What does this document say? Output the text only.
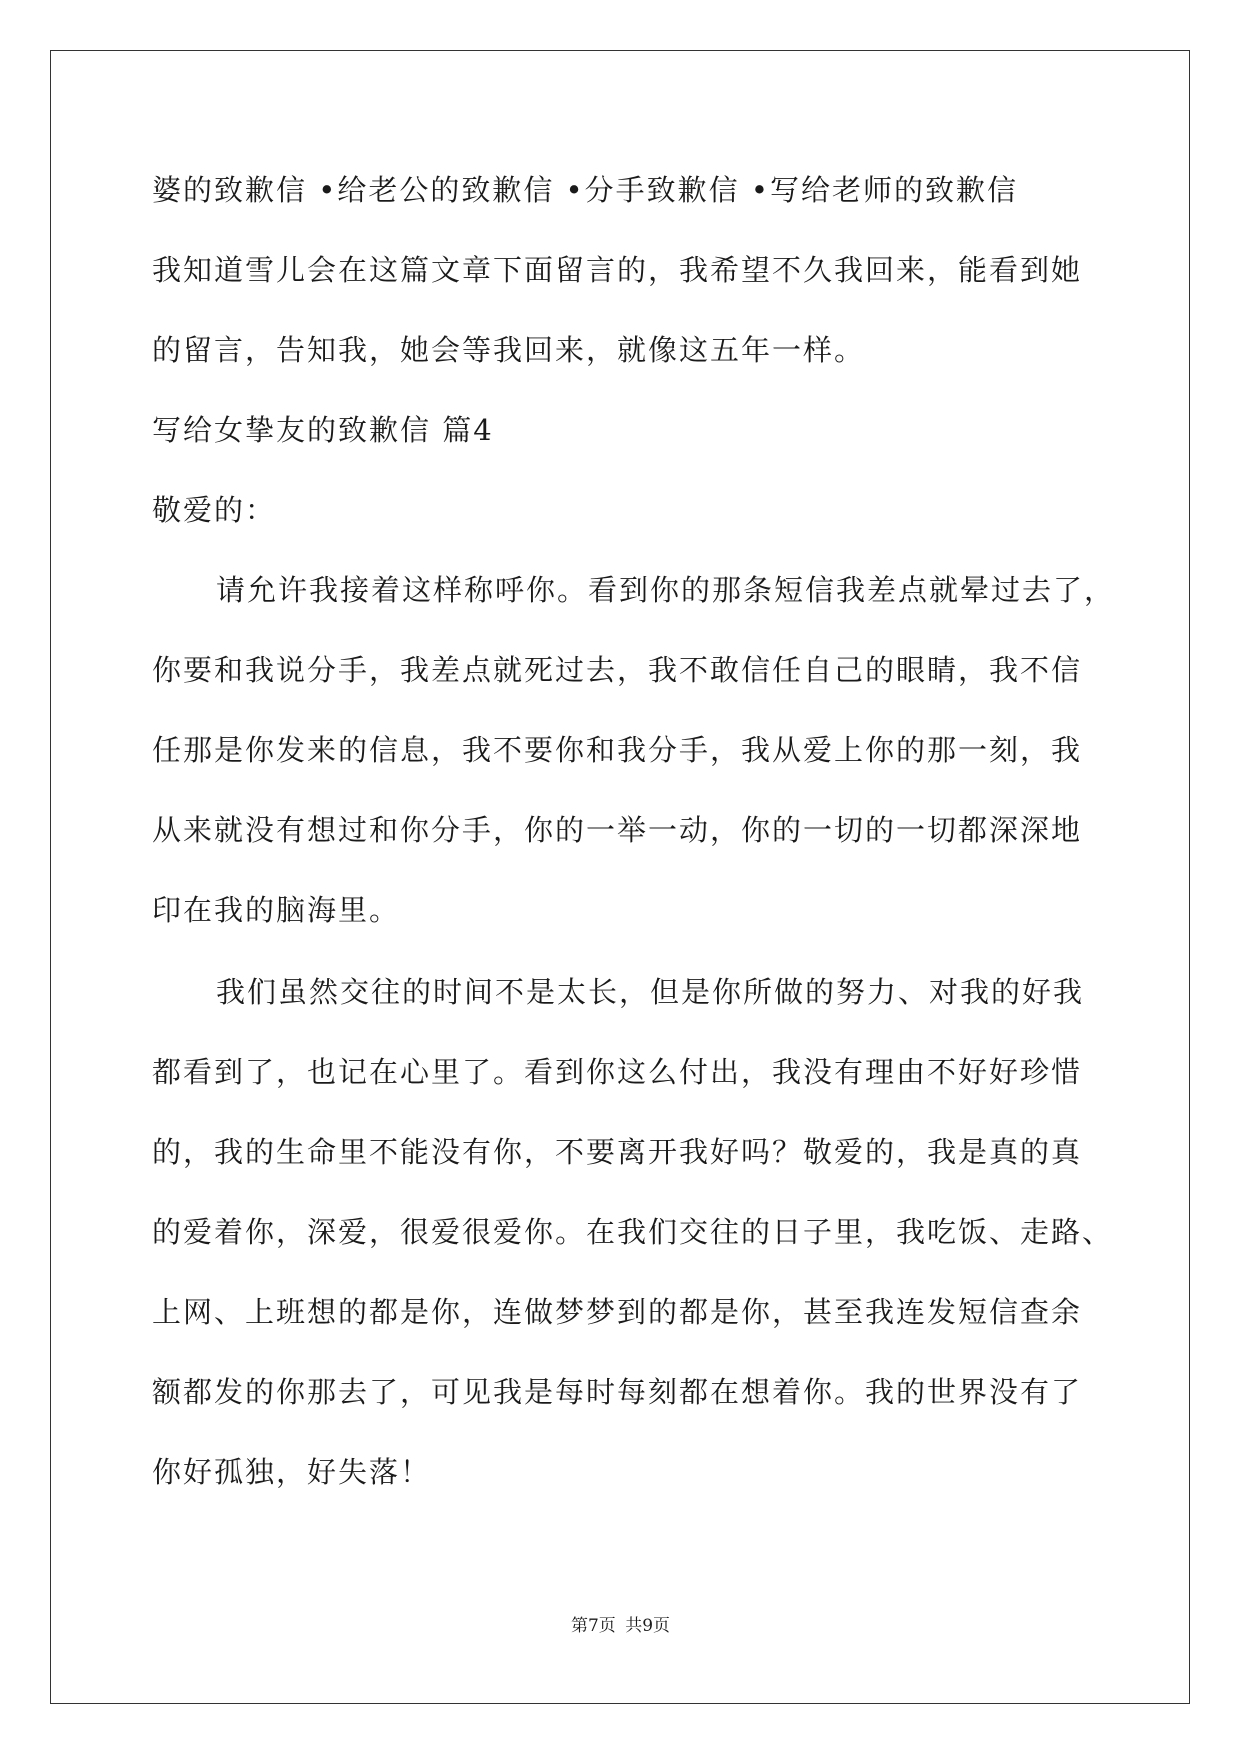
婆的致歉信 •给老公的致歉信 •分手致歉信 •写给老师的致歉信
我知道雪儿会在这篇文章下面留言的，我希望不久我回来，能看到她
的留言，告知我，她会等我回来，就像这五年一样。
写给女挚友的致歉信 篇4
敬爱的：
请允许我接着这样称呼你。看到你的那条短信我差点就晕过去了，
你要和我说分手，我差点就死过去，我不敢信任自己的眼睛，我不信
任那是你发来的信息，我不要你和我分手，我从爱上你的那一刻，我
从来就没有想过和你分手，你的一举一动，你的一切的一切都深深地
印在我的脑海里。
我们虽然交往的时间不是太长，但是你所做的努力、对我的好我
都看到了，也记在心里了。看到你这么付出，我没有理由不好好珍惜
的，我的生命里不能没有你，不要离开我好吗？敬爱的，我是真的真
的爱着你，深爱，很爱很爱你。在我们交往的日子里，我吃饭、走路、
上网、上班想的都是你，连做梦梦到的都是你，甚至我连发短信查余
额都发的你那去了，可见我是每时每刻都在想着你。我的世界没有了
你好孤独，好失落！
第7页 共9页
